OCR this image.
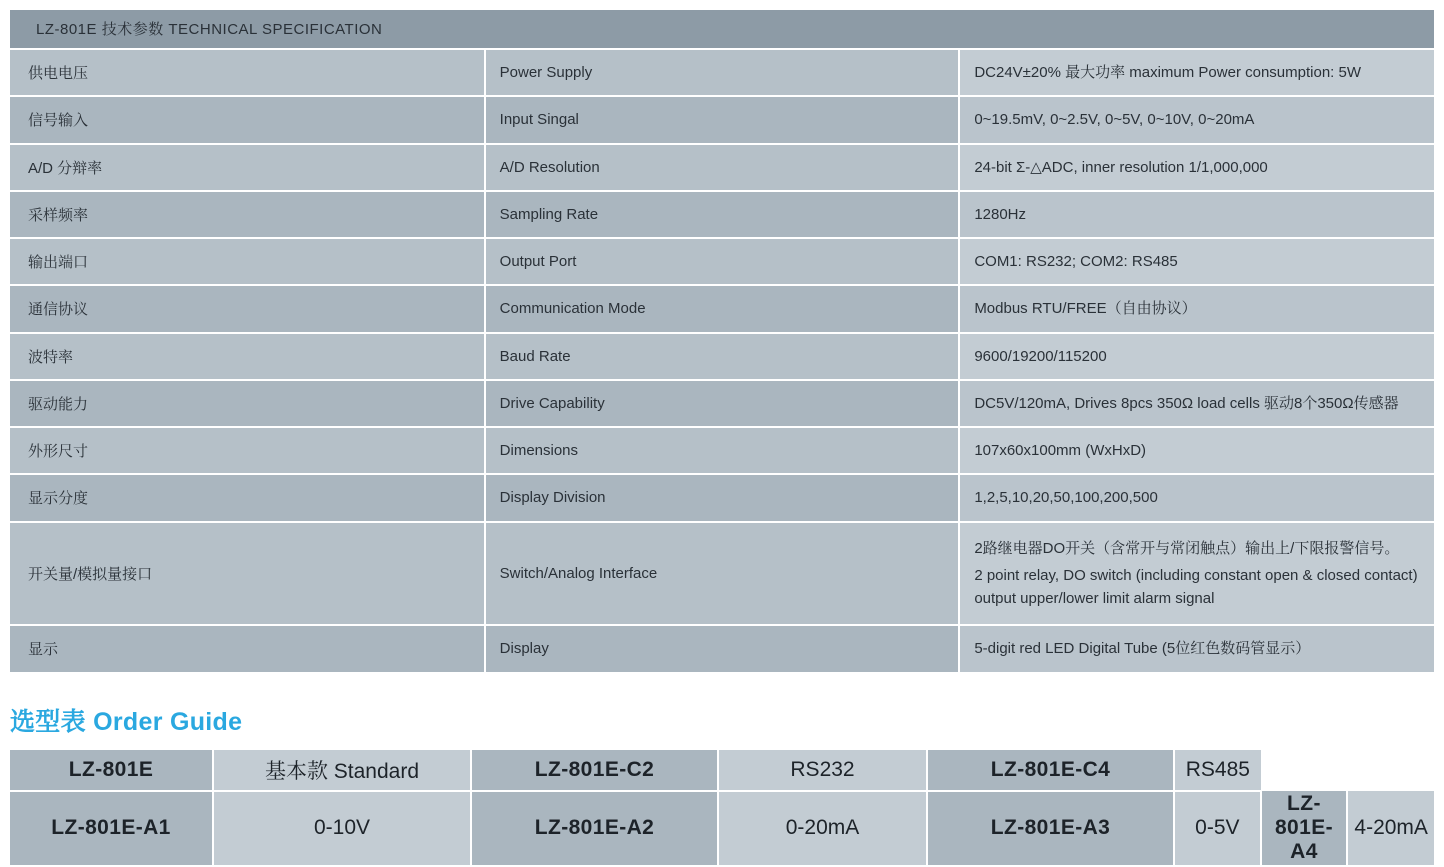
LZ-801E 技术参数 TECHNICAL SPECIFICATION		
供电电压	Power Supply	DC24V±20% 最大功率 maximum Power consumption: 5W

信号输入	Input Singal	0~19.5mV, 0~2.5V, 0~5V, 0~10V, 0~20mA

A/D 分辩率	A/D Resolution	24-bit Σ-△ADC, inner resolution 1/1,000,000

采样频率	Sampling Rate	1280Hz

输出端口	Output Port	COM1: RS232; COM2: RS485

通信协议	Communication Mode	Modbus RTU/FREE（自由协议）

波特率	Baud Rate	9600/19200/115200

驱动能力	Drive Capability	DC5V/120mA, Drives 8pcs 350Ω load cells 驱动8个350Ω传感器

外形尺寸	Dimensions	107x60x100mm (WxHxD)

显示分度	Display Division	1,2,5,10,20,50,100,200,500

开关量/模拟量接口	Switch/Analog Interface	2路继电器DO开关（含常开与常闭触点）输出上/下限报警信号。
2 point relay, DO switch (including constant open & closed contact) output upper/lower limit alarm signal

显示	Display	5-digit red LED Digital Tube (5位红色数码管显示）
选型表 Order Guide
LZ-801E	基本款 Standard	LZ-801E-C2	RS232	LZ-801E-C4	RS485		
LZ-801E-A1	0-10V	LZ-801E-A2	0-20mA	LZ-801E-A3	0-5V	LZ-801E-A4	4-20mA
